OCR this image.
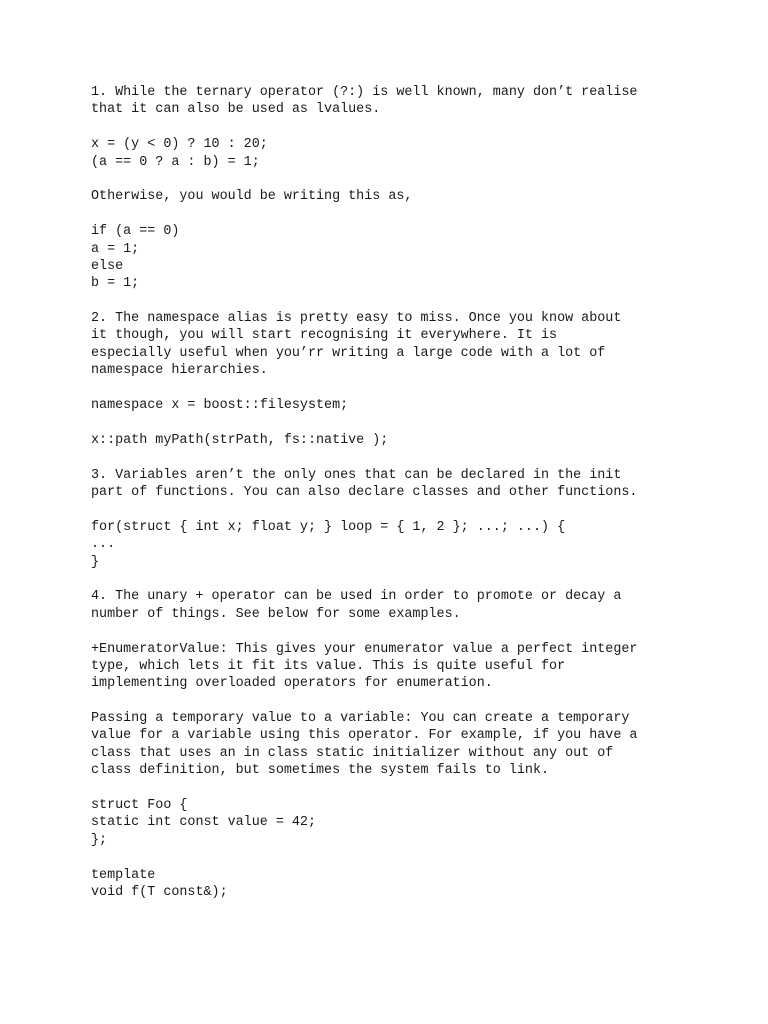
1. While the ternary operator (?:) is well known, many don’t realise
that it can also be used as lvalues.
x = (y < 0) ? 10 : 20;
(a == 0 ? a : b) = 1;
Otherwise, you would be writing this as,
if (a == 0)
a = 1;
else
b = 1;
2. The namespace alias is pretty easy to miss. Once you know about
it though, you will start recognising it everywhere. It is
especially useful when you’rr writing a large code with a lot of
namespace hierarchies.
namespace x = boost::filesystem;
x::path myPath(strPath, fs::native );
3. Variables aren’t the only ones that can be declared in the init
part of functions. You can also declare classes and other functions.
for(struct { int x; float y; } loop = { 1, 2 }; ...; ...) {
...
}
4. The unary + operator can be used in order to promote or decay a
number of things. See below for some examples.
+EnumeratorValue: This gives your enumerator value a perfect integer
type, which lets it fit its value. This is quite useful for
implementing overloaded operators for enumeration.
Passing a temporary value to a variable: You can create a temporary
value for a variable using this operator. For example, if you have a
class that uses an in class static initializer without any out of
class definition, but sometimes the system fails to link.
struct Foo {
static int const value = 42;
};
template
void f(T const&);
